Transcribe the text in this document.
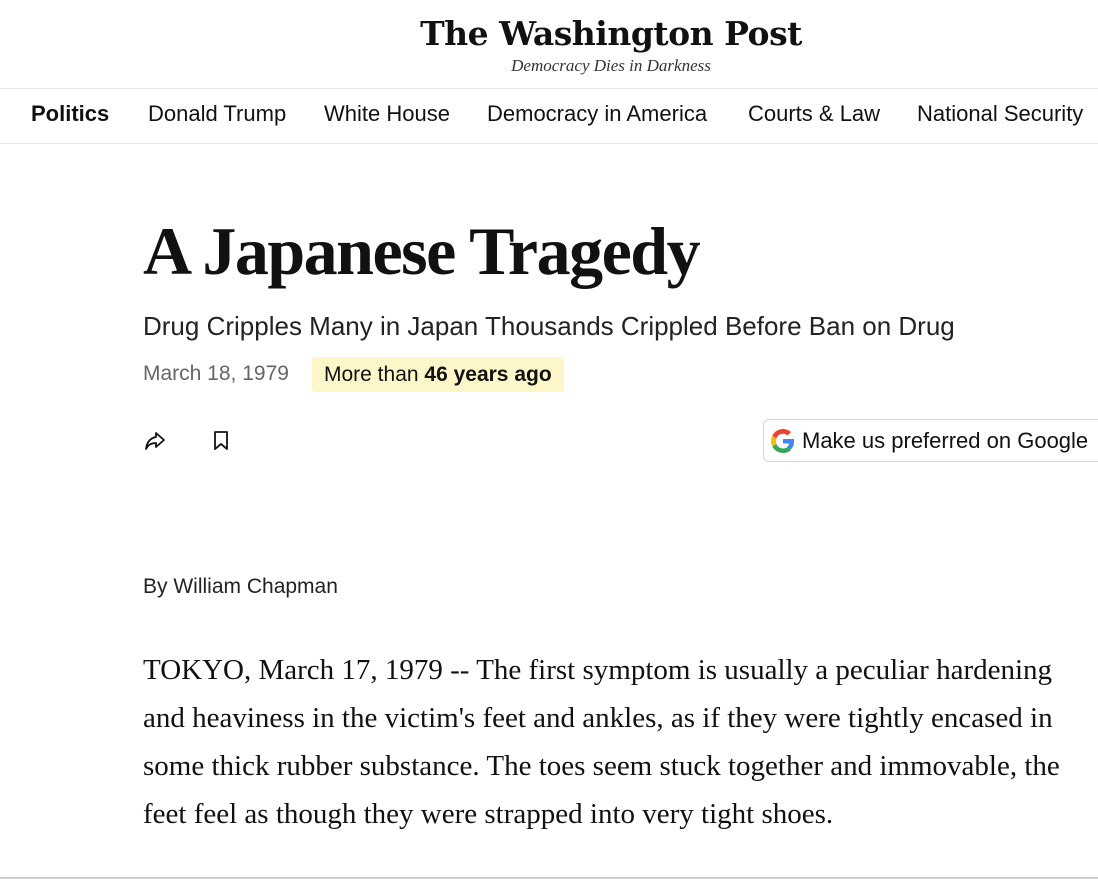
The Washington Post
Democracy Dies in Darkness
Politics Donald Trump White House Democracy in America Courts & Law National Security
A Japanese Tragedy
Drug Cripples Many in Japan Thousands Crippled Before Ban on Drug
March 18, 1979	More than 46 years ago
Make us preferred on Google
By William Chapman

TOKYO, March 17, 1979 -- The first symptom is usually a peculiar hardening and heaviness in the victim's feet and ankles, as if they were tightly encased in some thick rubber substance. The toes seem stuck together and immovable, the feet feel as though they were strapped into very tight shoes.
